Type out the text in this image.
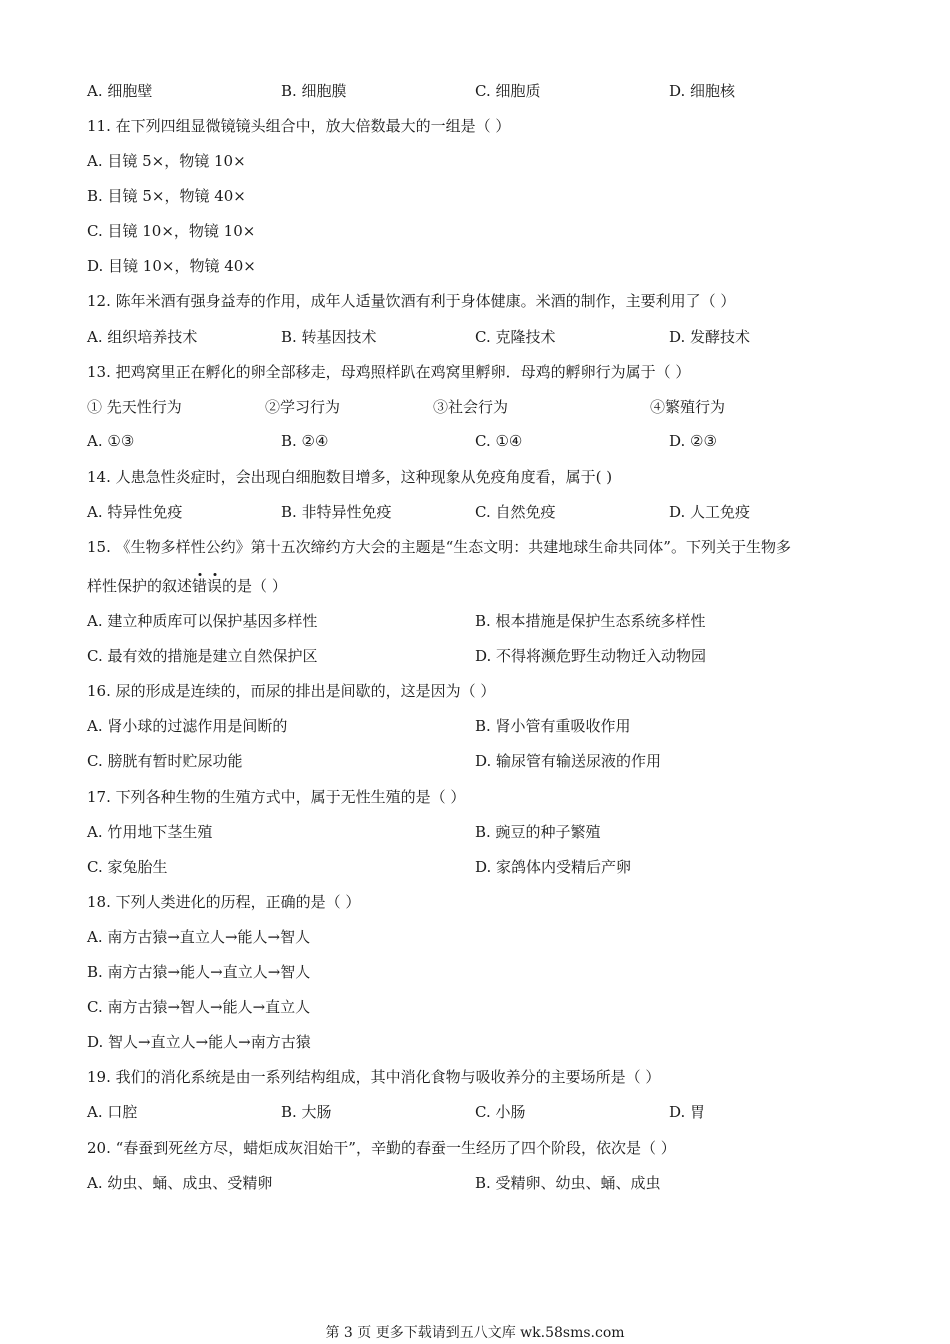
A. 细胞壁	B. 细胞膜	C. 细胞质	D. 细胞核
11. 在下列四组显微镜镜头组合中，放大倍数最大的一组是（ ）
A. 目镜 5×，物镜 10×
B. 目镜 5×，物镜 40×
C. 目镜 10×，物镜 10×
D. 目镜 10×，物镜 40×
12. 陈年米酒有强身益寿的作用，成年人适量饮酒有利于身体健康。米酒的制作，主要利用了（ ）
A. 组织培养技术	B. 转基因技术	C. 克隆技术	D. 发酵技术
13. 把鸡窝里正在孵化的卵全部移走，母鸡照样趴在鸡窝里孵卵．母鸡的孵卵行为属于（ ）
① 先天性行为	②学习行为	③社会行为	④繁殖行为
A. ①③	B. ②④	C. ①④	D. ②③
14. 人患急性炎症时，会出现白细胞数目增多，这种现象从免疫角度看，属于( )
A. 特异性免疫	B. 非特异性免疫	C. 自然免疫	D. 人工免疫
15. 《生物多样性公约》第十五次缔约方大会的主题是“生态文明：共建地球生命共同体”。下列关于生物多
样性保护的叙述错误的是（ ）
A. 建立种质库可以保护基因多样性	B. 根本措施是保护生态系统多样性
C. 最有效的措施是建立自然保护区	D. 不得将濒危野生动物迁入动物园
16. 尿的形成是连续的，而尿的排出是间歇的，这是因为（ ）
A. 肾小球的过滤作用是间断的	B. 肾小管有重吸收作用
C. 膀胱有暂时贮尿功能	D. 输尿管有输送尿液的作用
17. 下列各种生物的生殖方式中，属于无性生殖的是（ ）
A. 竹用地下茎生殖	B. 豌豆的种子繁殖
C. 家兔胎生	D. 家鸽体内受精后产卵
18. 下列人类进化的历程，正确的是（ ）
A. 南方古猿→直立人→能人→智人
B. 南方古猿→能人→直立人→智人
C. 南方古猿→智人→能人→直立人
D. 智人→直立人→能人→南方古猿
19. 我们的消化系统是由一系列结构组成，其中消化食物与吸收养分的主要场所是（ ）
A. 口腔	B. 大肠	C. 小肠	D. 胃
20. “春蚕到死丝方尽，蜡炬成灰泪始干”，辛勤的春蚕一生经历了四个阶段，依次是（ ）
A. 幼虫、蛹、成虫、受精卵	B. 受精卵、幼虫、蛹、成虫
第 3 页 更多下载请到五八文库 wk.58sms.com
